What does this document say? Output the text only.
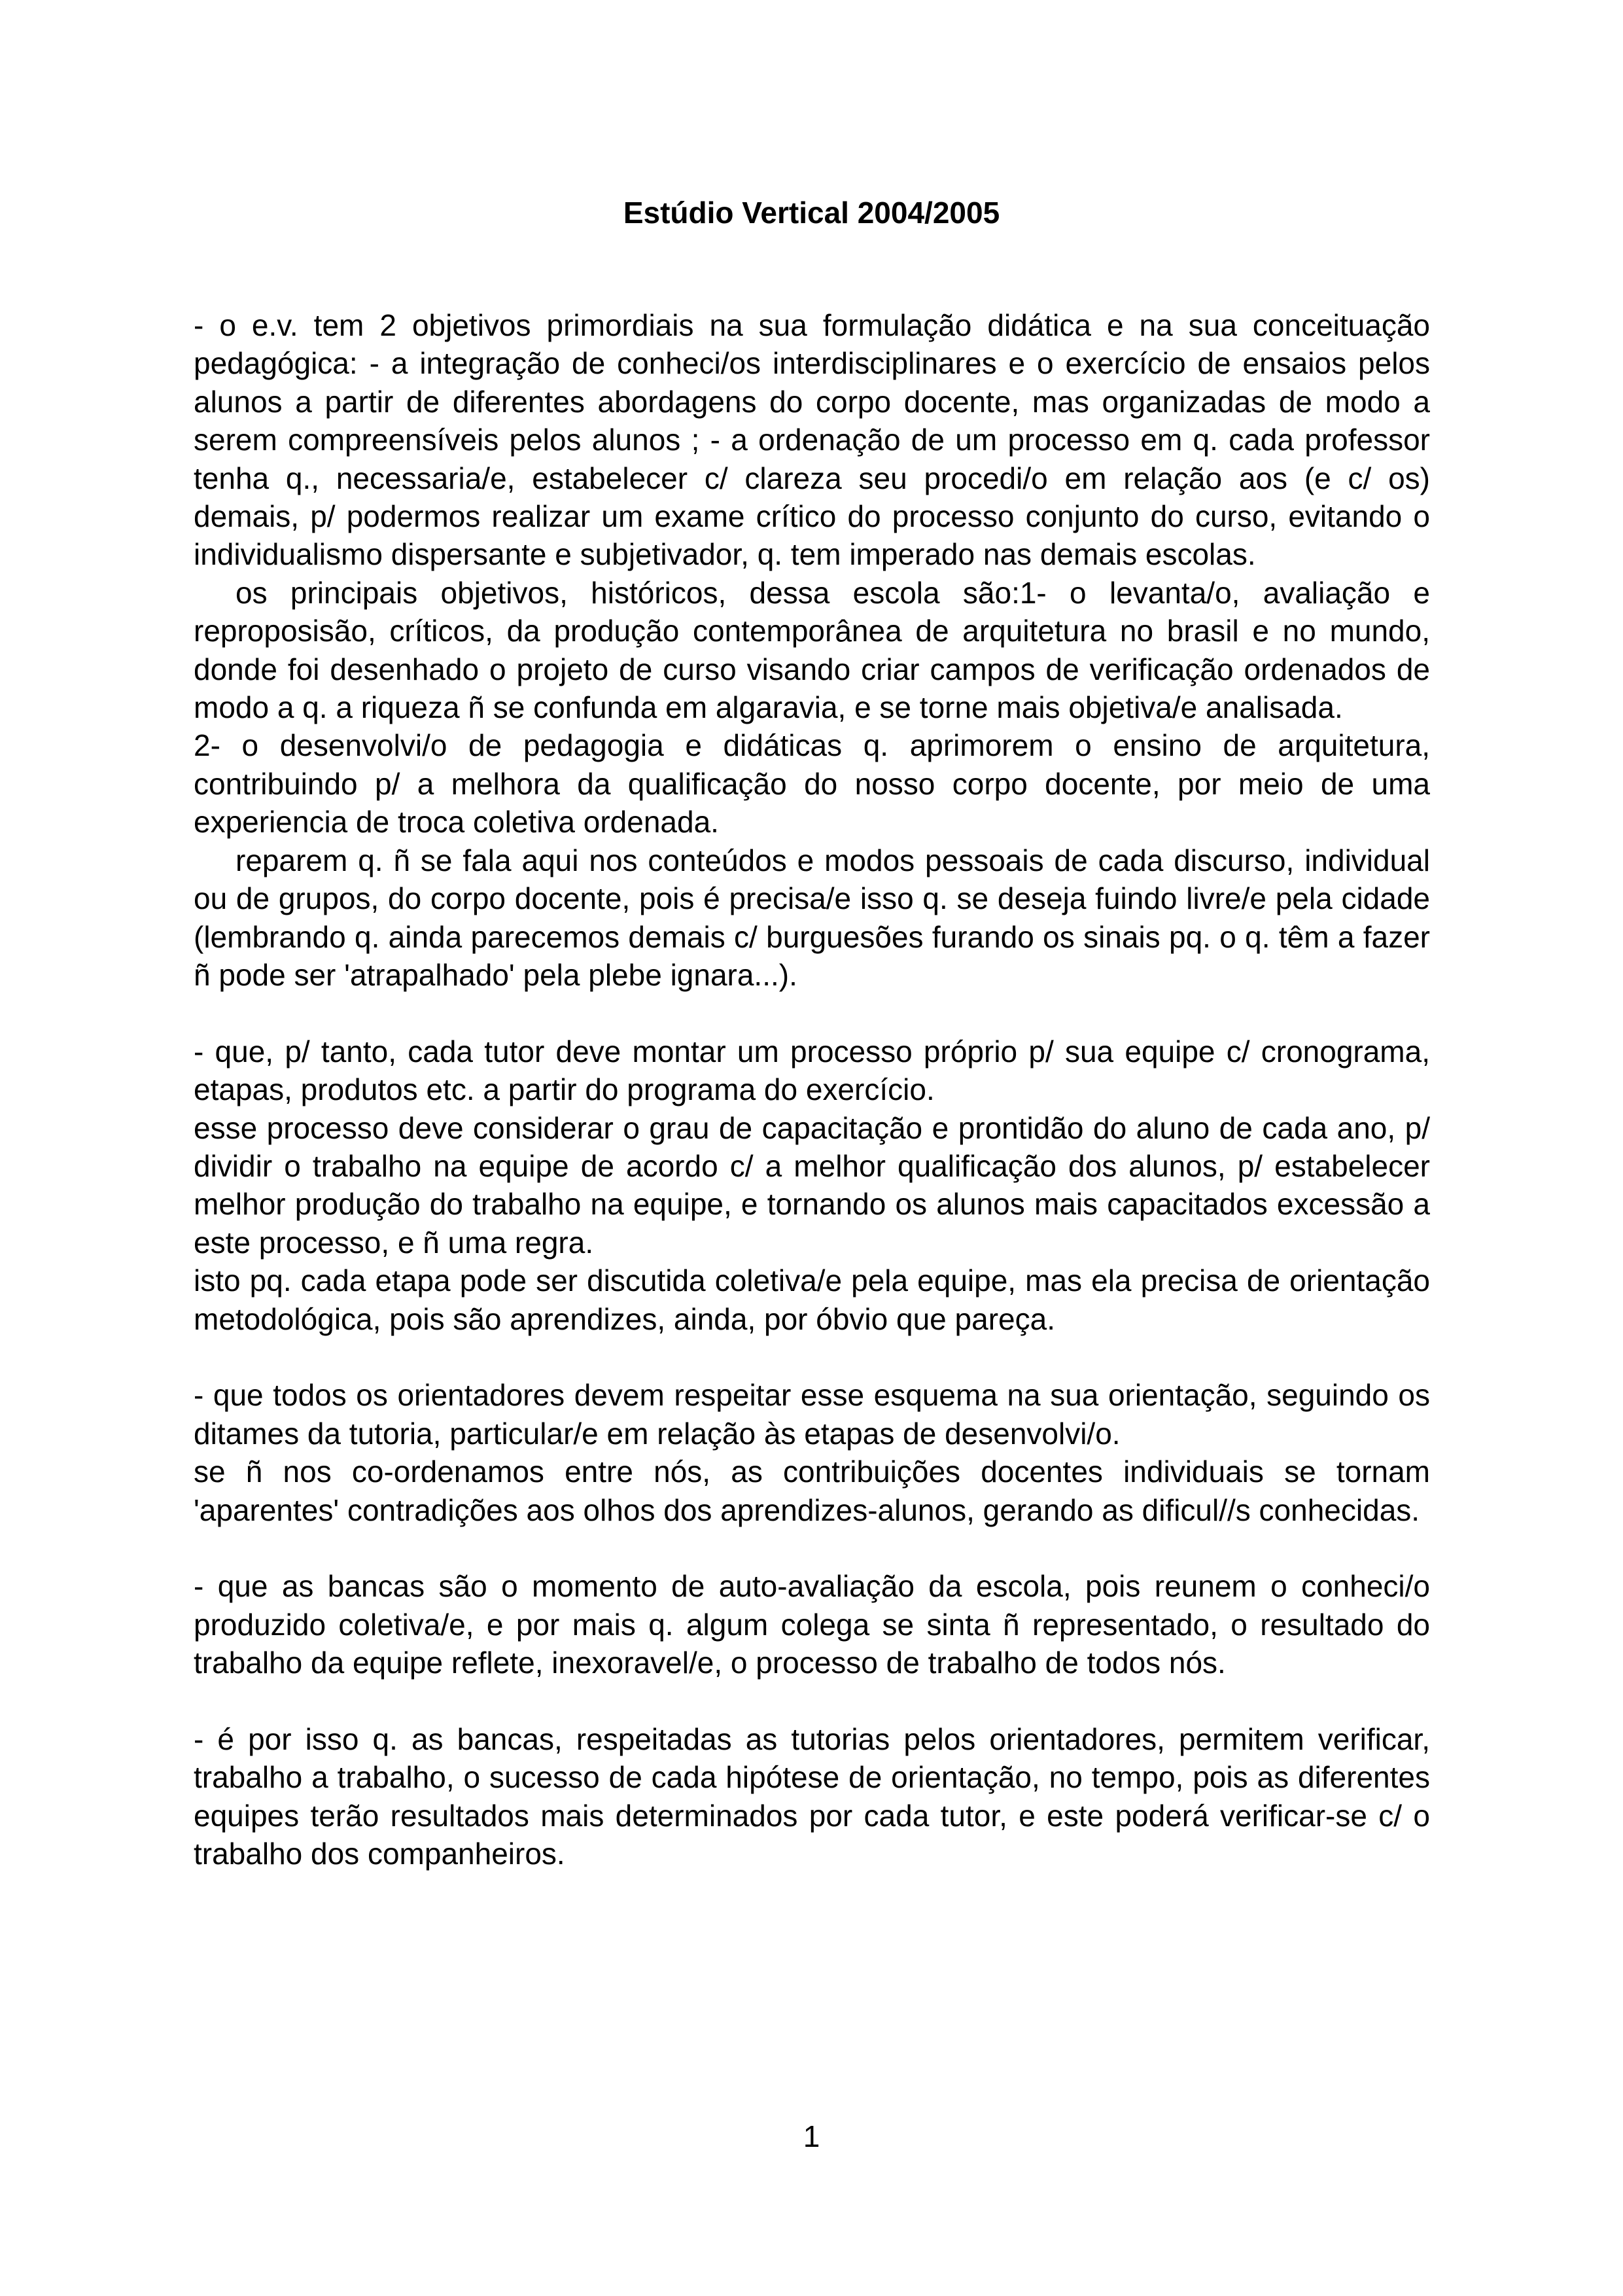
Estúdio Vertical 2004/2005

- o e.v. tem 2 objetivos primordiais na sua formulação didática e na sua conceituação pedagógica: - a integração de conheci/os interdisciplinares e o exercício de ensaios pelos alunos a partir de diferentes abordagens do corpo docente, mas organizadas de modo a serem compreensíveis pelos alunos ; - a ordenação de um processo em q. cada professor tenha q., necessaria/e, estabelecer c/ clareza seu procedi/o em relação aos (e c/ os) demais, p/ podermos realizar um exame crítico do processo conjunto do curso, evitando o individualismo dispersante e subjetivador, q. tem imperado nas demais escolas.

os principais objetivos, históricos, dessa escola são:1- o levanta/o, avaliação e reproposisão, críticos, da produção contemporânea de arquitetura no brasil e no mundo, donde foi desenhado o projeto de curso visando criar campos de verificação ordenados de modo a q. a riqueza ñ se confunda em algaravia, e se torne mais objetiva/e analisada.

2- o desenvolvi/o de pedagogia e didáticas q. aprimorem o ensino de arquitetura, contribuindo p/ a melhora da qualificação do nosso corpo docente, por meio de uma experiencia de troca coletiva ordenada.

reparem q. ñ se fala aqui nos conteúdos e modos pessoais de cada discurso, individual ou de grupos, do corpo docente, pois é precisa/e isso q. se deseja fuindo livre/e pela cidade (lembrando q. ainda parecemos demais c/ burguesões furando os sinais pq. o q. têm a fazer ñ pode ser 'atrapalhado' pela plebe ignara...).

- que, p/ tanto, cada tutor deve montar um processo próprio p/ sua equipe c/ cronograma, etapas, produtos etc. a partir do programa do exercício.

esse processo deve considerar o grau de capacitação e prontidão do aluno de cada ano, p/ dividir o trabalho na equipe de acordo c/ a melhor qualificação dos alunos, p/ estabelecer melhor produção do trabalho na equipe, e tornando os alunos mais capacitados excessão a este processo, e ñ uma regra.

isto pq. cada etapa pode ser discutida coletiva/e pela equipe, mas ela precisa de orientação metodológica, pois são aprendizes, ainda, por óbvio que pareça.

- que todos os orientadores devem respeitar esse esquema na sua orientação, seguindo os ditames da tutoria, particular/e em relação às etapas de desenvolvi/o.

se ñ nos co-ordenamos entre nós, as contribuições docentes individuais se tornam 'aparentes' contradições aos olhos dos aprendizes-alunos, gerando as dificul//s conhecidas.

- que as bancas são o momento de auto-avaliação da escola, pois reunem o conheci/o produzido coletiva/e, e por mais q. algum colega se sinta ñ representado, o resultado do trabalho da equipe reflete, inexoravel/e, o processo de trabalho de todos nós.

- é por isso q. as bancas, respeitadas as tutorias pelos orientadores, permitem verificar, trabalho a trabalho, o sucesso de cada hipótese de orientação, no tempo, pois as diferentes equipes terão resultados mais determinados por cada tutor, e este poderá verificar-se c/ o trabalho dos companheiros.

1
